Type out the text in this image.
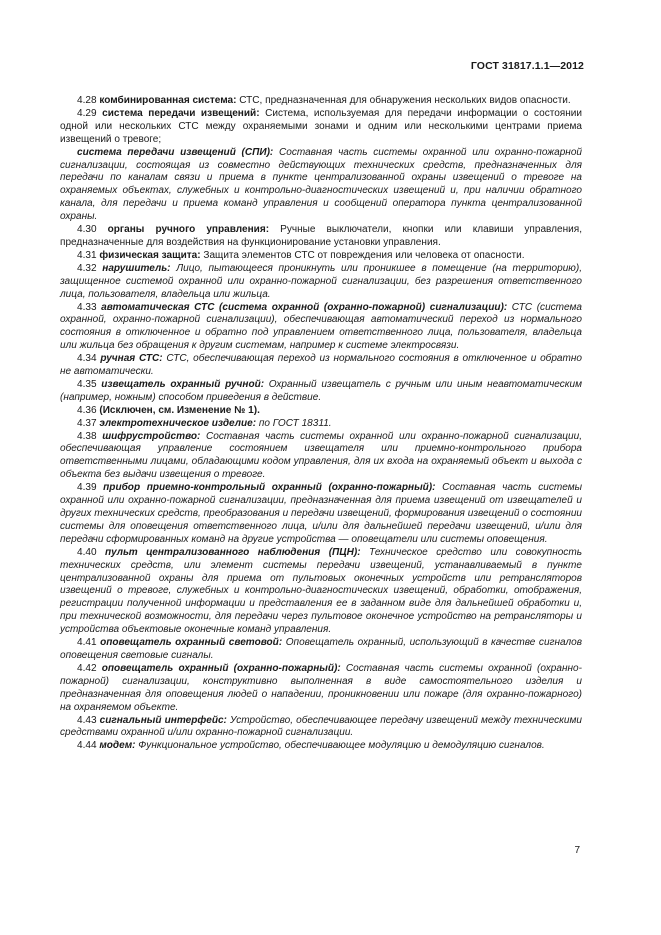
ГОСТ 31817.1.1—2012

4.28 комбинированная система: СТС, предназначенная для обнаружения нескольких видов опасности.

4.29 система передачи извещений: Система, используемая для передачи информации о состоянии одной или нескольких СТС между охраняемыми зонами и одним или несколькими центрами приема извещений о тревоге;

система передачи извещений (СПИ): Составная часть системы охранной или охранно-пожарной сигнализации, состоящая из совместно действующих технических средств, предназначенных для передачи по каналам связи и приема в пункте централизованной охраны извещений о тревоге на охраняемых объектах, служебных и контрольно-диагностических извещений и, при наличии обратного канала, для передачи и приема команд управления и сообщений оператора пункта централизованной охраны.

4.30 органы ручного управления: Ручные выключатели, кнопки или клавиши управления, предназначенные для воздействия на функционирование установки управления.

4.31 физическая защита: Защита элементов СТС от повреждения или человека от опасности.

4.32 нарушитель: Лицо, пытающееся проникнуть или проникшее в помещение (на территорию), защищенное системой охранной или охранно-пожарной сигнализации, без разрешения ответственного лица, пользователя, владельца или жильца.

4.33 автоматическая СТС (система охранной (охранно-пожарной) сигнализации): СТС (система охранной, охранно-пожарной сигнализации), обеспечивающая автоматический переход из нормального состояния в отключенное и обратно под управлением ответственного лица, пользователя, владельца или жильца без обращения к другим системам, например к системе электросвязи.

4.34 ручная СТС: СТС, обеспечивающая переход из нормального состояния в отключенное и обратно не автоматически.

4.35 извещатель охранный ручной: Охранный извещатель с ручным или иным неавтоматическим (например, ножным) способом приведения в действие.

4.36 (Исключен, см. Изменение № 1).

4.37 электротехническое изделие: по ГОСТ 18311.

4.38 шифрустройство: Составная часть системы охранной или охранно-пожарной сигнализации, обеспечивающая управление состоянием извещателя или приемно-контрольного прибора ответственными лицами, обладающими кодом управления, для их входа на охраняемый объект и выхода с объекта без выдачи извещения о тревоге.

4.39 прибор приемно-контрольный охранный (охранно-пожарный): Составная часть системы охранной или охранно-пожарной сигнализации, предназначенная для приема извещений от извещателей и других технических средств, преобразования и передачи извещений, формирования извещений о состоянии системы для оповещения ответственного лица, и/или для дальнейшей передачи извещений, и/или для передачи сформированных команд на другие устройства — оповещатели или системы оповещения.

4.40 пульт централизованного наблюдения (ПЦН): Техническое средство или совокупность технических средств, или элемент системы передачи извещений, устанавливаемый в пункте централизованной охраны для приема от пультовых оконечных устройств или ретрансляторов извещений о тревоге, служебных и контрольно-диагностических извещений, обработки, отображения, регистрации полученной информации и представления ее в заданном виде для дальнейшей обработки и, при технической возможности, для передачи через пультовое оконечное устройство на ретрансляторы и устройства объектовые оконечные команд управления.

4.41 оповещатель охранный световой: Оповещатель охранный, использующий в качестве сигналов оповещения световые сигналы.

4.42 оповещатель охранный (охранно-пожарный): Составная часть системы охранной (охранно-пожарной) сигнализации, конструктивно выполненная в виде самостоятельного изделия и предназначенная для оповещения людей о нападении, проникновении или пожаре (для охранно-пожарного) на охраняемом объекте.

4.43 сигнальный интерфейс: Устройство, обеспечивающее передачу извещений между техническими средствами охранной и/или охранно-пожарной сигнализации.

4.44 модем: Функциональное устройство, обеспечивающее модуляцию и демодуляцию сигналов.

7
